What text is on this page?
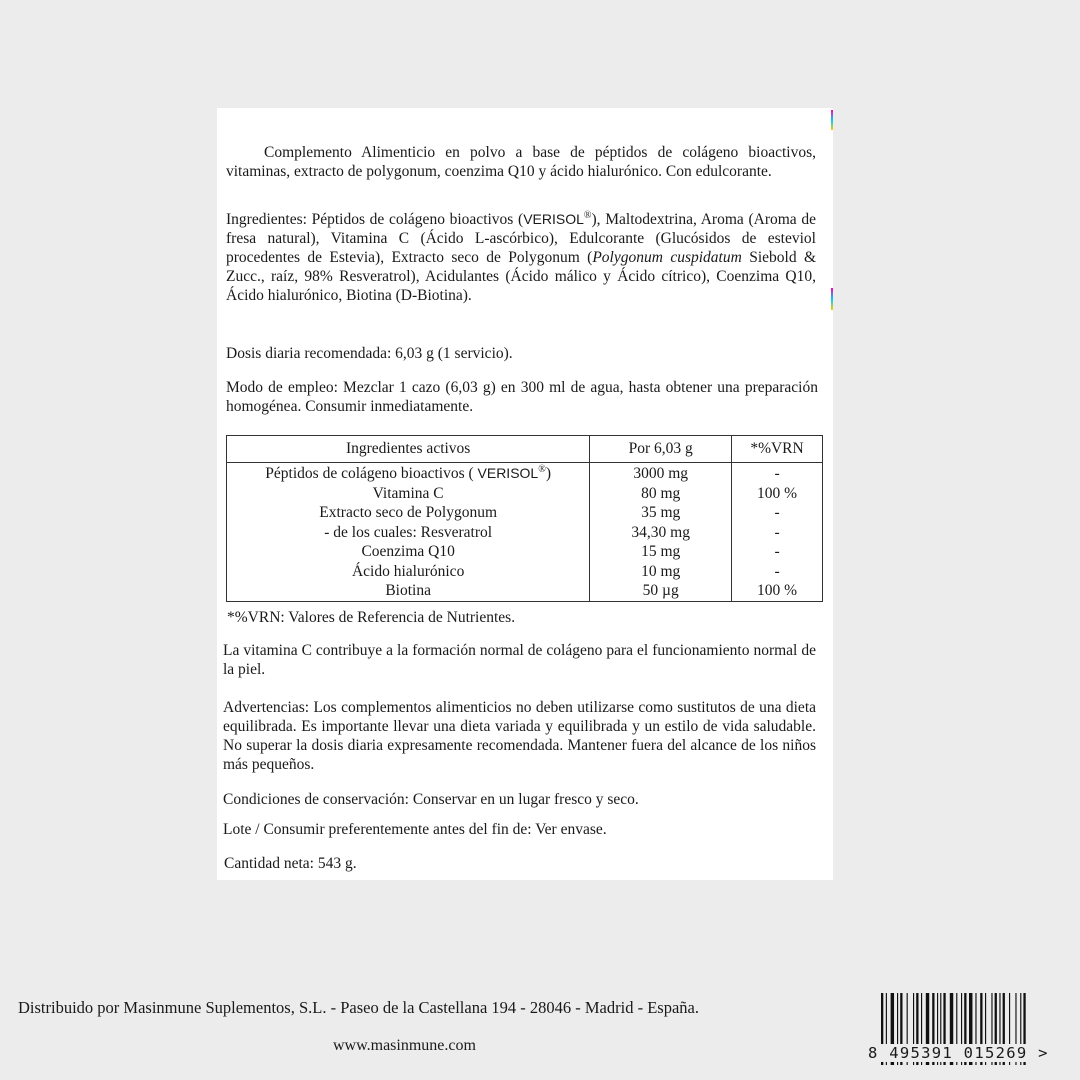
Complemento Alimenticio en polvo a base de péptidos de colágeno bioactivos, vitaminas, extracto de polygonum, coenzima Q10 y ácido hialurónico. Con edulcorante.
Ingredientes: Péptidos de colágeno bioactivos (VERISOL®), Maltodextrina, Aroma (Aroma de fresa natural), Vitamina C (Ácido L-ascórbico), Edulcorante (Glucósidos de esteviol procedentes de Estevia), Extracto seco de Polygonum (Polygonum cuspidatum Siebold & Zucc., raíz, 98% Resveratrol), Acidulantes (Ácido málico y Ácido cítrico), Coenzima Q10, Ácido hialurónico, Biotina (D-Biotina).
Dosis diaria recomendada: 6,03 g (1 servicio).
Modo de empleo: Mezclar 1 cazo (6,03 g) en 300 ml de agua, hasta obtener una preparación homogénea. Consumir inmediatamente.
Ingredientes activos	Por 6,03 g	*%VRN
Péptidos de colágeno bioactivos ( VERISOL®)	3000 mg	-
Vitamina C	80 mg	100 %
Extracto seco de Polygonum	35 mg	-
- de los cuales: Resveratrol	34,30 mg	-
Coenzima Q10	15 mg	-
Ácido hialurónico	10 mg	-
Biotina	50 µg	100 %
*%VRN: Valores de Referencia de Nutrientes.
La vitamina C contribuye a la formación normal de colágeno para el funcionamiento normal de la piel.
Advertencias: Los complementos alimenticios no deben utilizarse como sustitutos de una dieta equilibrada. Es importante llevar una dieta variada y equilibrada y un estilo de vida saludable. No superar la dosis diaria expresamente recomendada. Mantener fuera del alcance de los niños más pequeños.
Condiciones de conservación: Conservar en un lugar fresco y seco.
Lote / Consumir preferentemente antes del fin de: Ver envase.
Cantidad neta: 543 g.
Distribuido por Masinmune Suplementos, S.L. - Paseo de la Castellana 194 - 28046 - Madrid - España.
www.masinmune.com	8 495391 015269 >
